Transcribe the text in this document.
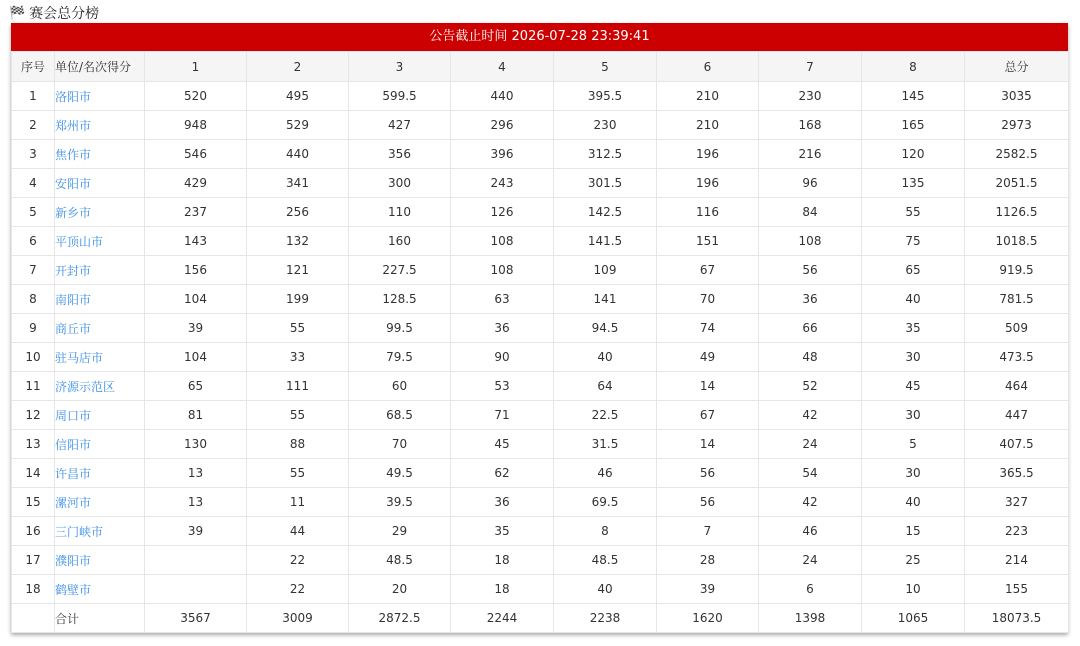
🏁 赛会总分榜
公告截止时间 2026-07-28 23:39:41
序号	单位/名次得分	1	2	3	4	5	6	7	8	总分
1	洛阳市	520	495	599.5	440	395.5	210	230	145	3035
2	郑州市	948	529	427	296	230	210	168	165	2973
3	焦作市	546	440	356	396	312.5	196	216	120	2582.5
4	安阳市	429	341	300	243	301.5	196	96	135	2051.5
5	新乡市	237	256	110	126	142.5	116	84	55	1126.5
6	平顶山市	143	132	160	108	141.5	151	108	75	1018.5
7	开封市	156	121	227.5	108	109	67	56	65	919.5
8	南阳市	104	199	128.5	63	141	70	36	40	781.5
9	商丘市	39	55	99.5	36	94.5	74	66	35	509
10	驻马店市	104	33	79.5	90	40	49	48	30	473.5
11	济源示范区	65	111	60	53	64	14	52	45	464
12	周口市	81	55	68.5	71	22.5	67	42	30	447
13	信阳市	130	88	70	45	31.5	14	24	5	407.5
14	许昌市	13	55	49.5	62	46	56	54	30	365.5
15	漯河市	13	11	39.5	36	69.5	56	42	40	327
16	三门峡市	39	44	29	35	8	7	46	15	223
17	濮阳市		22	48.5	18	48.5	28	24	25	214
18	鹤壁市		22	20	18	40	39	6	10	155
	合计	3567	3009	2872.5	2244	2238	1620	1398	1065	18073.5
